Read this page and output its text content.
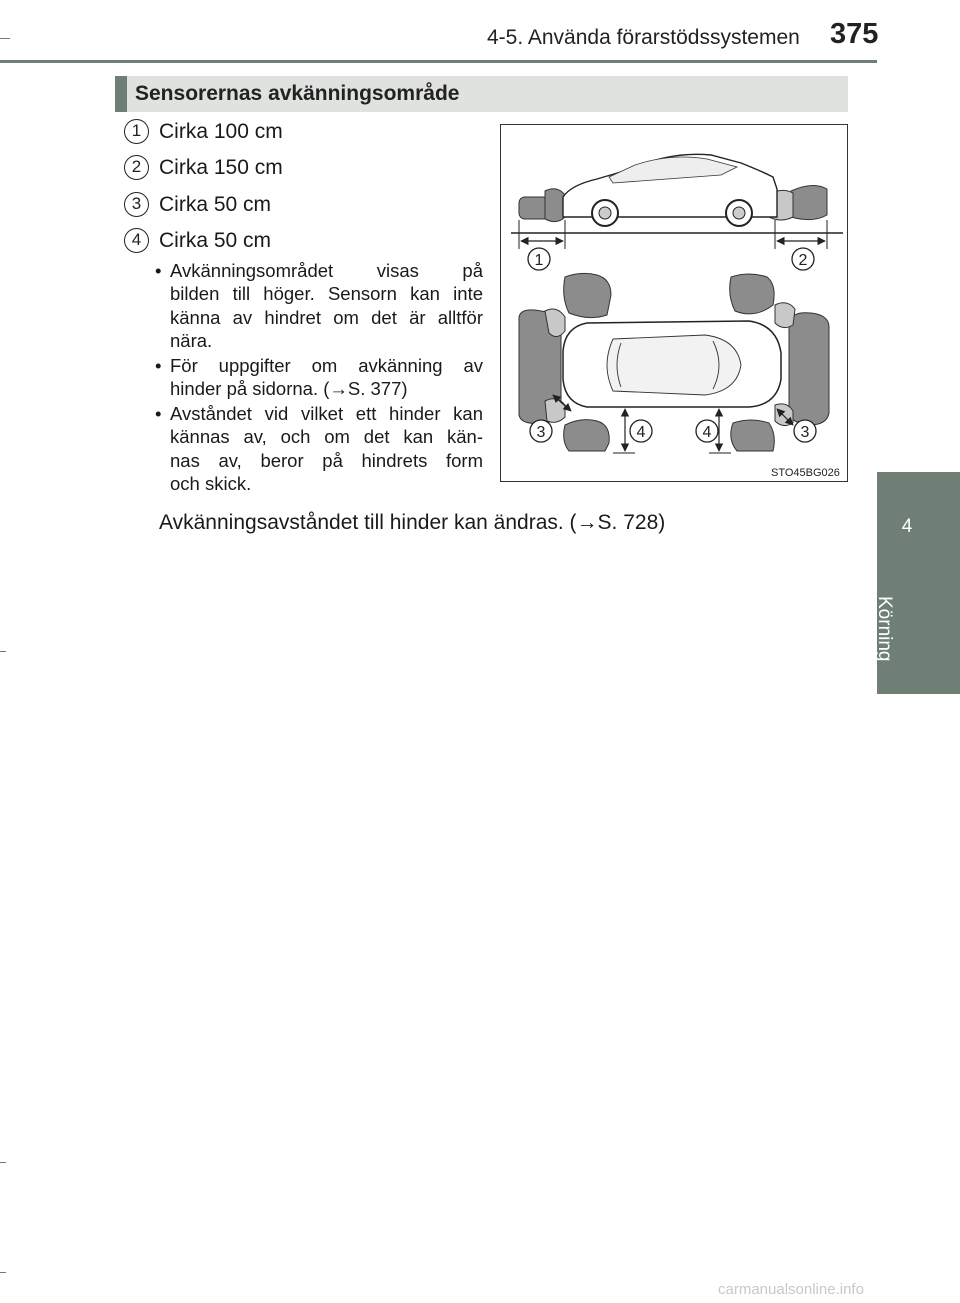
4-5. Använda förarstödssystemen 375
4
Körning
Sensorernas avkänningsområde
1 Cirka 100 cm
2 Cirka 150 cm
3 Cirka 50 cm
4 Cirka 50 cm
• Avkänningsområdet visas på
bilden till höger. Sensorn kan inte
känna av hindret om det är alltför
nära.
• För uppgifter om avkänning av
hinder på sidorna. (→S. 377)
• Avståndet vid vilket ett hinder kan
kännas av, och om det kan kän-
nas av, beror på hindrets form
och skick.
Avkänningsavståndet till hinder kan ändras. (→S. 728)
1	2
3	4	4	3
STO45BG026
carmanualsonline.info
